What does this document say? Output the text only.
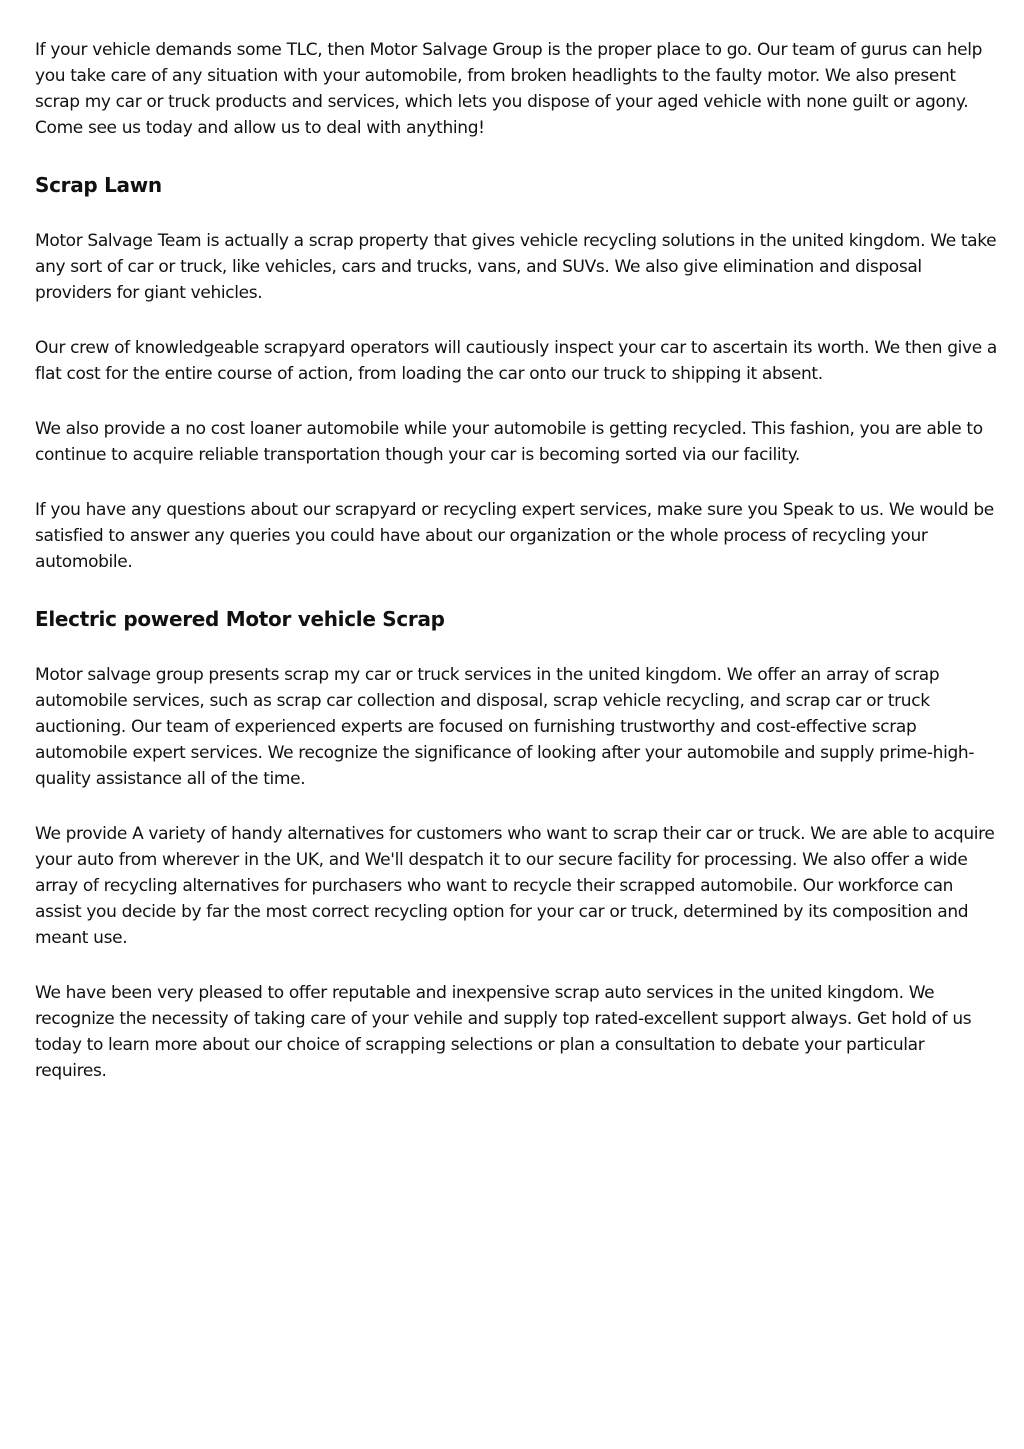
If your vehicle demands some TLC, then Motor Salvage Group is the proper place to go. Our team of gurus can help you take care of any situation with your automobile, from broken headlights to the faulty motor. We also present scrap my car or truck products and services, which lets you dispose of your aged vehicle with none guilt or agony. Come see us today and allow us to deal with anything!

Scrap Lawn

Motor Salvage Team is actually a scrap property that gives vehicle recycling solutions in the united kingdom. We take any sort of car or truck, like vehicles, cars and trucks, vans, and SUVs. We also give elimination and disposal providers for giant vehicles.

Our crew of knowledgeable scrapyard operators will cautiously inspect your car to ascertain its worth. We then give a flat cost for the entire course of action, from loading the car onto our truck to shipping it absent.

We also provide a no cost loaner automobile while your automobile is getting recycled. This fashion, you are able to continue to acquire reliable transportation though your car is becoming sorted via our facility.

If you have any questions about our scrapyard or recycling expert services, make sure you Speak to us. We would be satisfied to answer any queries you could have about our organization or the whole process of recycling your automobile.

Electric powered Motor vehicle Scrap

Motor salvage group presents scrap my car or truck services in the united kingdom. We offer an array of scrap automobile services, such as scrap car collection and disposal, scrap vehicle recycling, and scrap car or truck auctioning. Our team of experienced experts are focused on furnishing trustworthy and cost-effective scrap automobile expert services. We recognize the significance of looking after your automobile and supply prime-high-quality assistance all of the time.

We provide A variety of handy alternatives for customers who want to scrap their car or truck. We are able to acquire your auto from wherever in the UK, and We'll despatch it to our secure facility for processing. We also offer a wide array of recycling alternatives for purchasers who want to recycle their scrapped automobile. Our workforce can assist you decide by far the most correct recycling option for your car or truck, determined by its composition and meant use.

We have been very pleased to offer reputable and inexpensive scrap auto services in the united kingdom. We recognize the necessity of taking care of your vehile and supply top rated-excellent support always. Get hold of us today to learn more about our choice of scrapping selections or plan a consultation to debate your particular requires.
